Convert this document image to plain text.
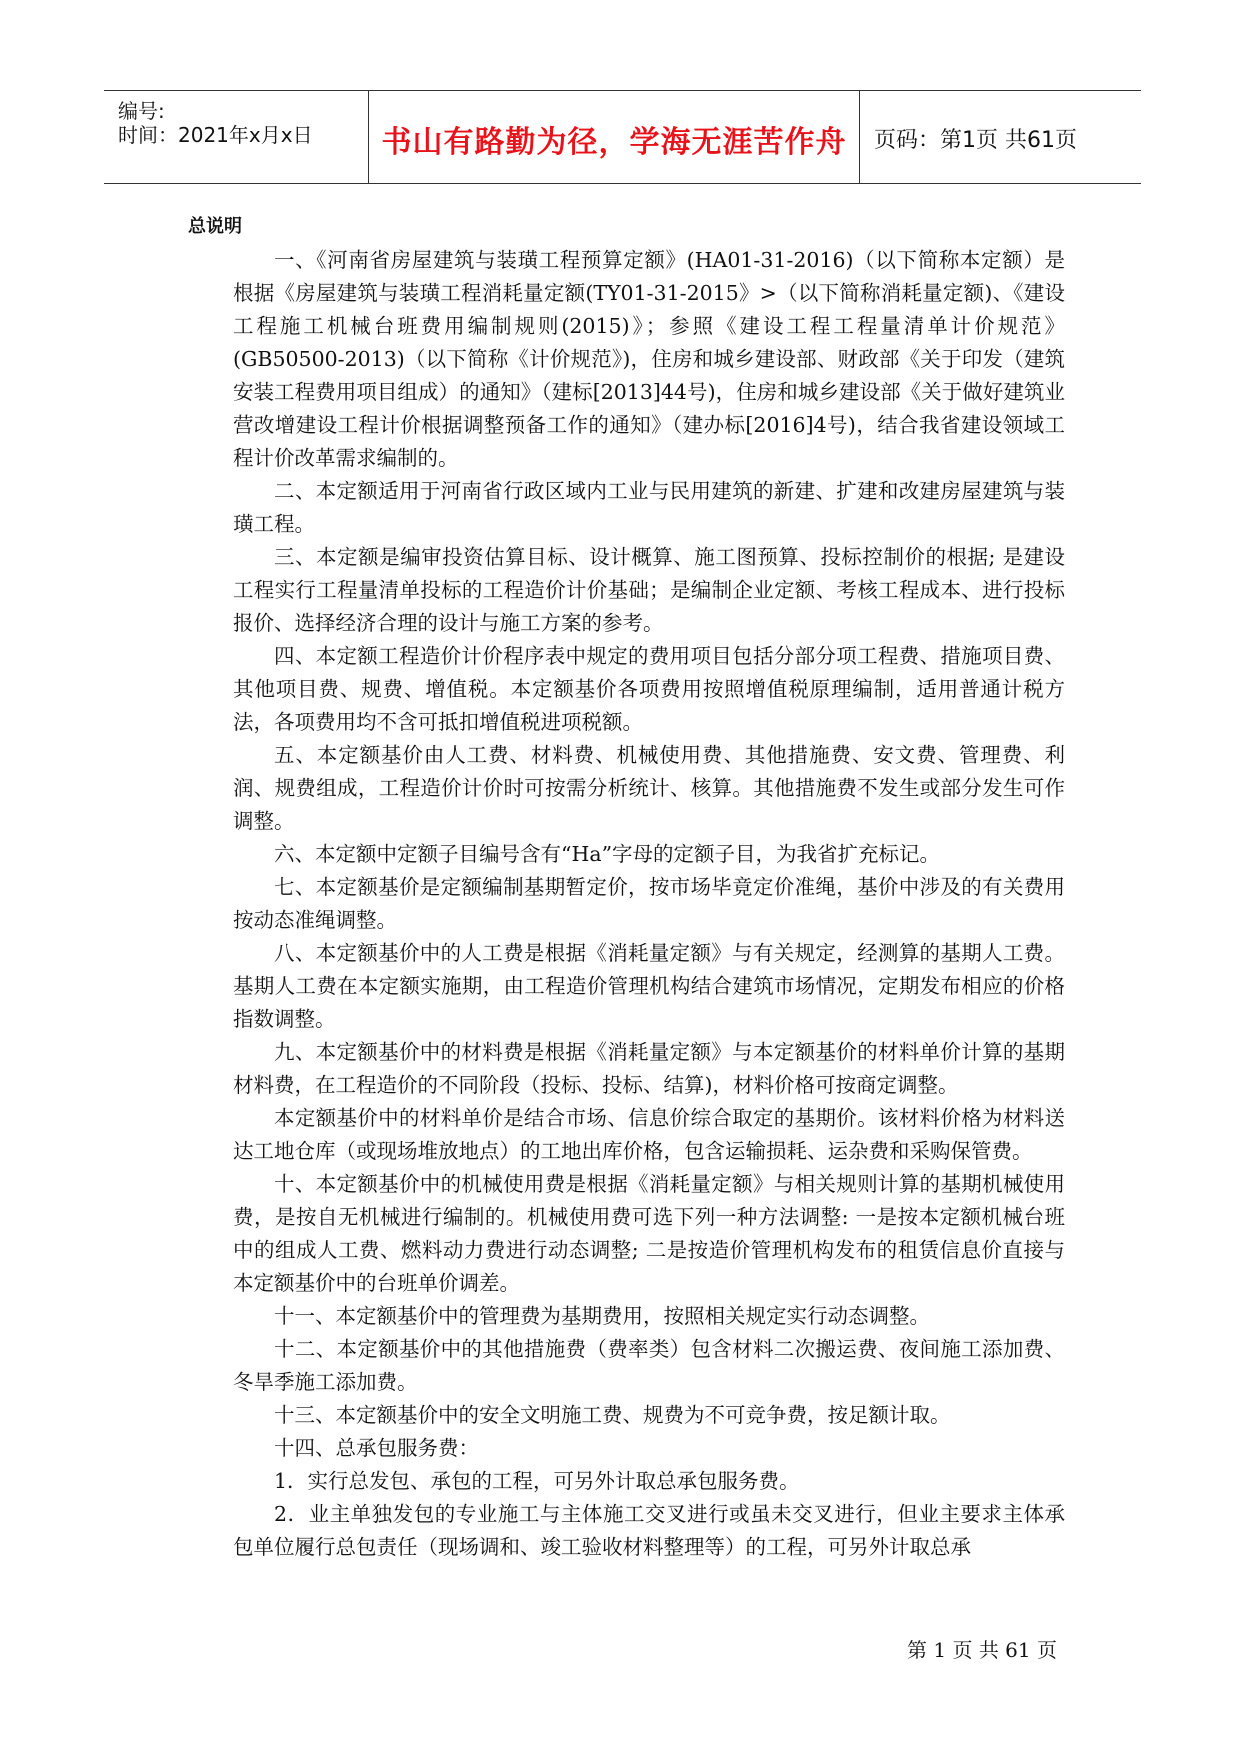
编号:
时间：2021年x月x日	书山有路勤为径，学海无涯苦作舟	页码：第1页 共61页
总说明

一、《河南省房屋建筑与装璜工程预算定额》(HA01-31-2016)（以下简称本定额）是根据《房屋建筑与装璜工程消耗量定额(TY01-31-2015》>（以下简称消耗量定额)、《建设工程施工机械台班费用编制规则(2015)》；参照《建设工程工程量清单计价规范》(GB50500-2013)（以下简称《计价规范》)，住房和城乡建设部、财政部《关于印发（建筑安装工程费用项目组成）的通知》（建标[2013]44号)，住房和城乡建设部《关于做好建筑业营改增建设工程计价根据调整预备工作的通知》（建办标[2016]4号)，结合我省建设领域工程计价改革需求编制的。

二、本定额适用于河南省行政区域内工业与民用建筑的新建、扩建和改建房屋建筑与装璜工程。

三、本定额是编审投资估算目标、设计概算、施工图预算、投标控制价的根据; 是建设工程实行工程量清单投标的工程造价计价基础；是编制企业定额、考核工程成本、进行投标报价、选择经济合理的设计与施工方案的参考。

四、本定额工程造价计价程序表中规定的费用项目包括分部分项工程费、措施项目费、其他项目费、规费、增值税。本定额基价各项费用按照增值税原理编制，适用普通计税方法，各项费用均不含可抵扣增值税进项税额。

五、本定额基价由人工费、材料费、机械使用费、其他措施费、安文费、管理费、利润、规费组成，工程造价计价时可按需分析统计、核算。其他措施费不发生或部分发生可作调整。

六、本定额中定额子目编号含有“Ha”字母的定额子目，为我省扩充标记。

七、本定额基价是定额编制基期暂定价，按市场毕竟定价准绳，基价中涉及的有关费用按动态准绳调整。

八、本定额基价中的人工费是根据《消耗量定额》与有关规定，经测算的基期人工费。基期人工费在本定额实施期，由工程造价管理机构结合建筑市场情况，定期发布相应的价格指数调整。

九、本定额基价中的材料费是根据《消耗量定额》与本定额基价的材料单价计算的基期材料费，在工程造价的不同阶段（投标、投标、结算)，材料价格可按商定调整。

本定额基价中的材料单价是结合市场、信息价综合取定的基期价。该材料价格为材料送达工地仓库（或现场堆放地点）的工地出库价格，包含运输损耗、运杂费和采购保管费。

十、本定额基价中的机械使用费是根据《消耗量定额》与相关规则计算的基期机械使用费，是按自无机械进行编制的。机械使用费可选下列一种方法调整: 一是按本定额机械台班中的组成人工费、燃料动力费进行动态调整; 二是按造价管理机构发布的租赁信息价直接与本定额基价中的台班单价调差。

十一、本定额基价中的管理费为基期费用，按照相关规定实行动态调整。

十二、本定额基价中的其他措施费（费率类）包含材料二次搬运费、夜间施工添加费、冬旱季施工添加费。

十三、本定额基价中的安全文明施工费、规费为不可竞争费，按足额计取。

十四、总承包服务费：

1．实行总发包、承包的工程，可另外计取总承包服务费。

2．业主单独发包的专业施工与主体施工交叉进行或虽未交叉进行，但业主要求主体承包单位履行总包责任（现场调和、竣工验收材料整理等）的工程，可另外计取总承

第 1 页 共 61 页
